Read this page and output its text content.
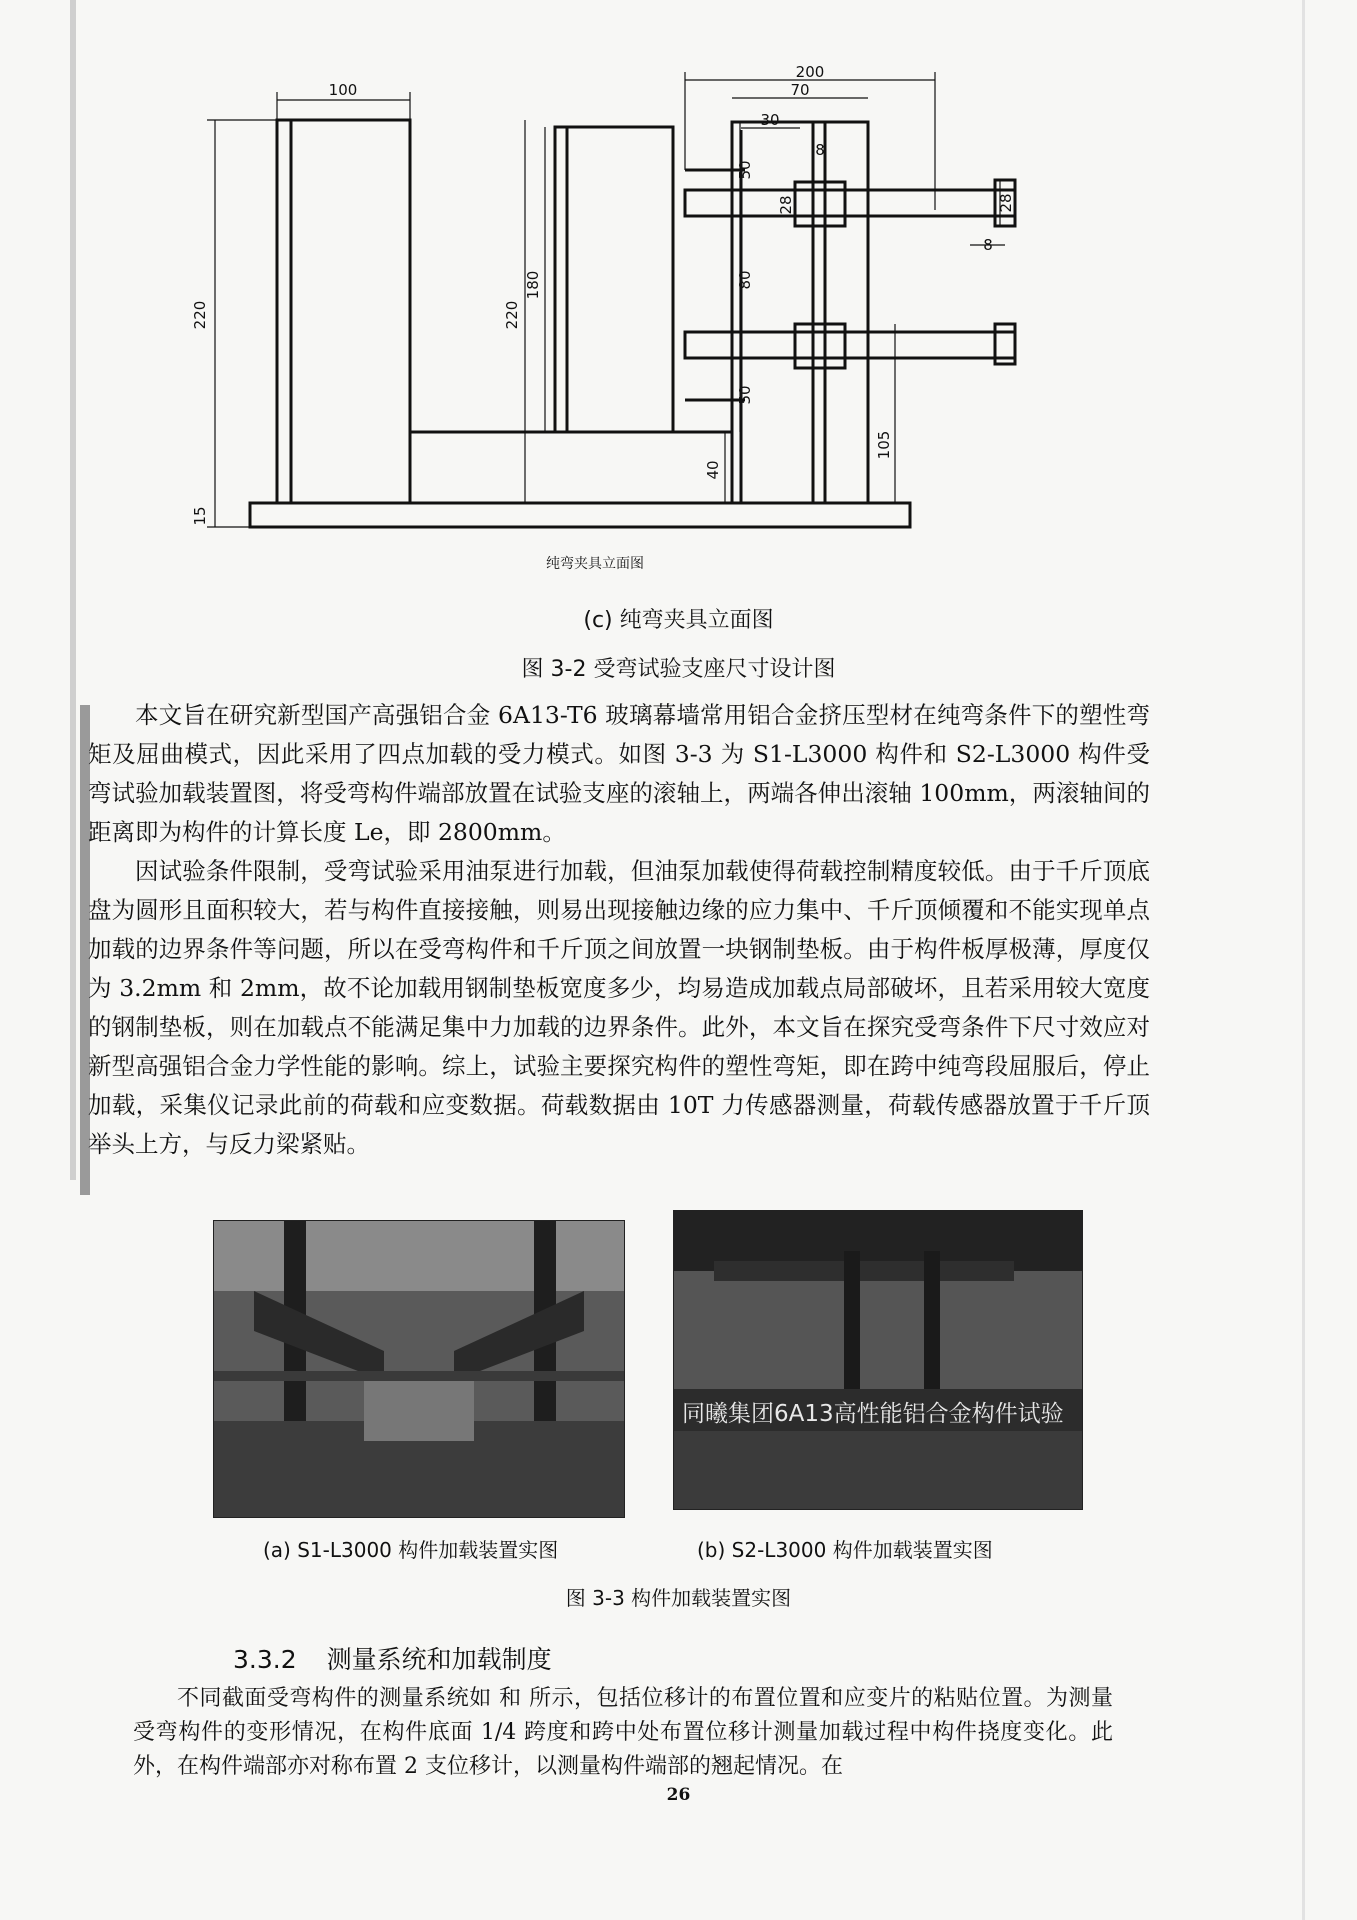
100
220
15
220
180
40
200
70
30
8
50
28
80
50
28
8
105
纯弯夹具立面图
(c) 纯弯夹具立面图
图 3-2 受弯试验支座尺寸设计图

本文旨在研究新型国产高强铝合金 6A13-T6 玻璃幕墙常用铝合金挤压型材在纯弯条件下的塑性弯矩及屈曲模式，因此采用了四点加载的受力模式。如图 3-3 为 S1-L3000 构件和 S2-L3000 构件受弯试验加载装置图，将受弯构件端部放置在试验支座的滚轴上，两端各伸出滚轴 100mm，两滚轴间的距离即为构件的计算长度 Le，即 2800mm。

因试验条件限制，受弯试验采用油泵进行加载，但油泵加载使得荷载控制精度较低。由于千斤顶底盘为圆形且面积较大，若与构件直接接触，则易出现接触边缘的应力集中、千斤顶倾覆和不能实现单点加载的边界条件等问题，所以在受弯构件和千斤顶之间放置一块钢制垫板。由于构件板厚极薄，厚度仅为 3.2mm 和 2mm，故不论加载用钢制垫板宽度多少，均易造成加载点局部破坏，且若采用较大宽度的钢制垫板，则在加载点不能满足集中力加载的边界条件。此外，本文旨在探究受弯条件下尺寸效应对新型高强铝合金力学性能的影响。综上，试验主要探究构件的塑性弯矩，即在跨中纯弯段屈服后，停止加载，采集仪记录此前的荷载和应变数据。荷载数据由 10T 力传感器测量，荷载传感器放置于千斤顶举头上方，与反力梁紧贴。

同曦集团6A13高性能铝合金构件试验
(a) S1-L3000 构件加载装置实图	(b) S2-L3000 构件加载装置实图
图 3-3 构件加载装置实图
3.3.2 测量系统和加载制度

不同截面受弯构件的测量系统如 和 所示，包括位移计的布置位置和应变片的粘贴位置。为测量受弯构件的变形情况，在构件底面 1/4 跨度和跨中处布置位移计测量加载过程中构件挠度变化。此外，在构件端部亦对称布置 2 支位移计，以测量构件端部的翘起情况。在

26
